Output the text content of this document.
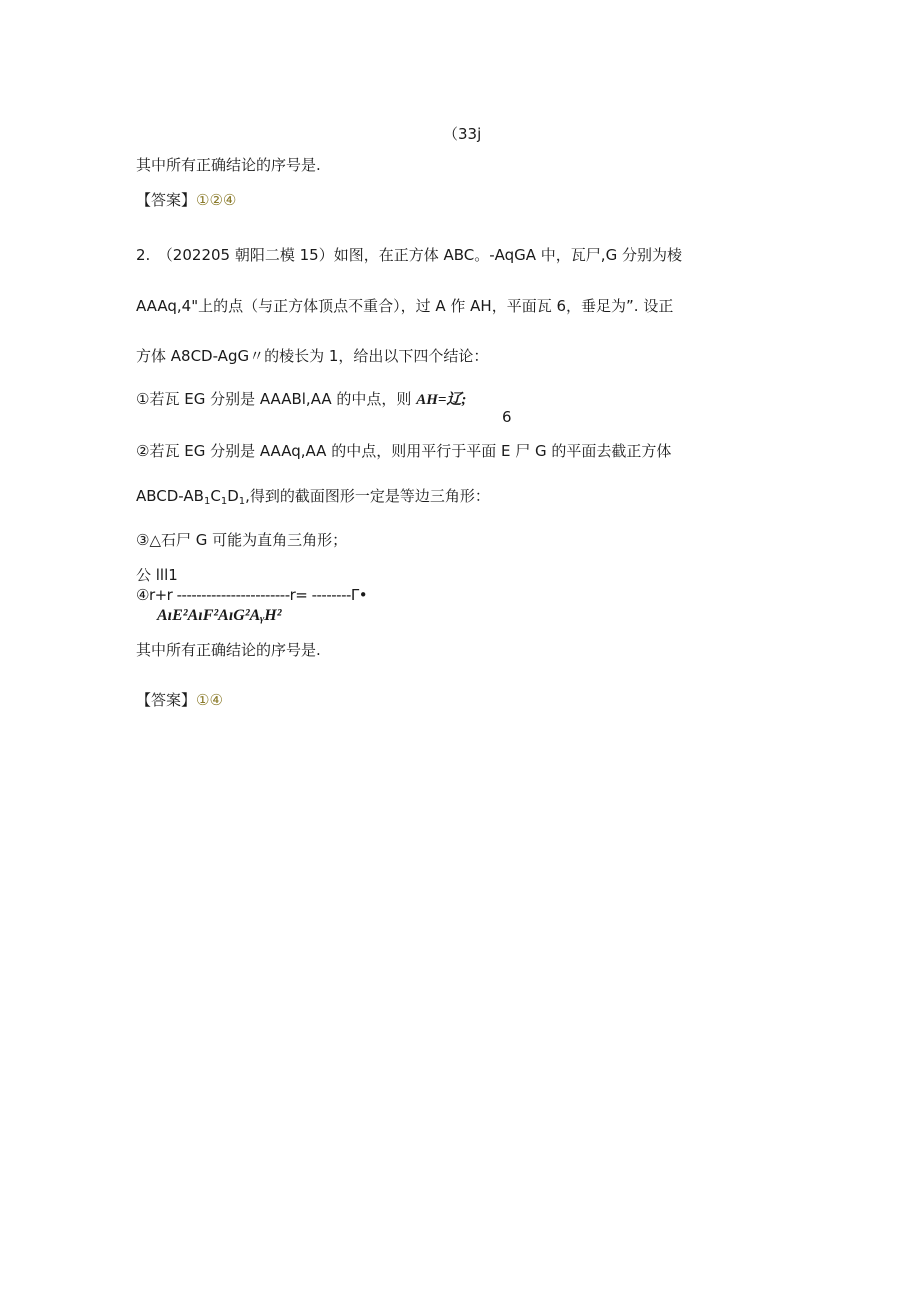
（33j
其中所有正确结论的序号是.
【答案】①②④
2.　（202205 朝阳二模 15）如图，在正方体 ABC。-AqGA 中，瓦尸,G 分别为棱
AAAq,4"上的点（与正方体顶点不重合），过 A 作 AH，平面瓦 6，垂足为”. 设正
方体 A8CD-AgG〃的棱长为 1，给出以下四个结论：
①若瓦 EG 分别是 AAABl,AA 的中点，则 AH=辽;
6
②若瓦 EG 分别是 AAAq,AA 的中点，则用平行于平面 E 尸 G 的平面去截正方体
ABCD-$AB_1C_1D_1$,得到的截面图形一定是等边三角形：
③△石尸 G 可能为直角三角形；
公 lll1
④r+r -----------------------r= --------Γ•
AıE²AıF²AıG²AᵧH²
其中所有正确结论的序号是.
【答案】①④
